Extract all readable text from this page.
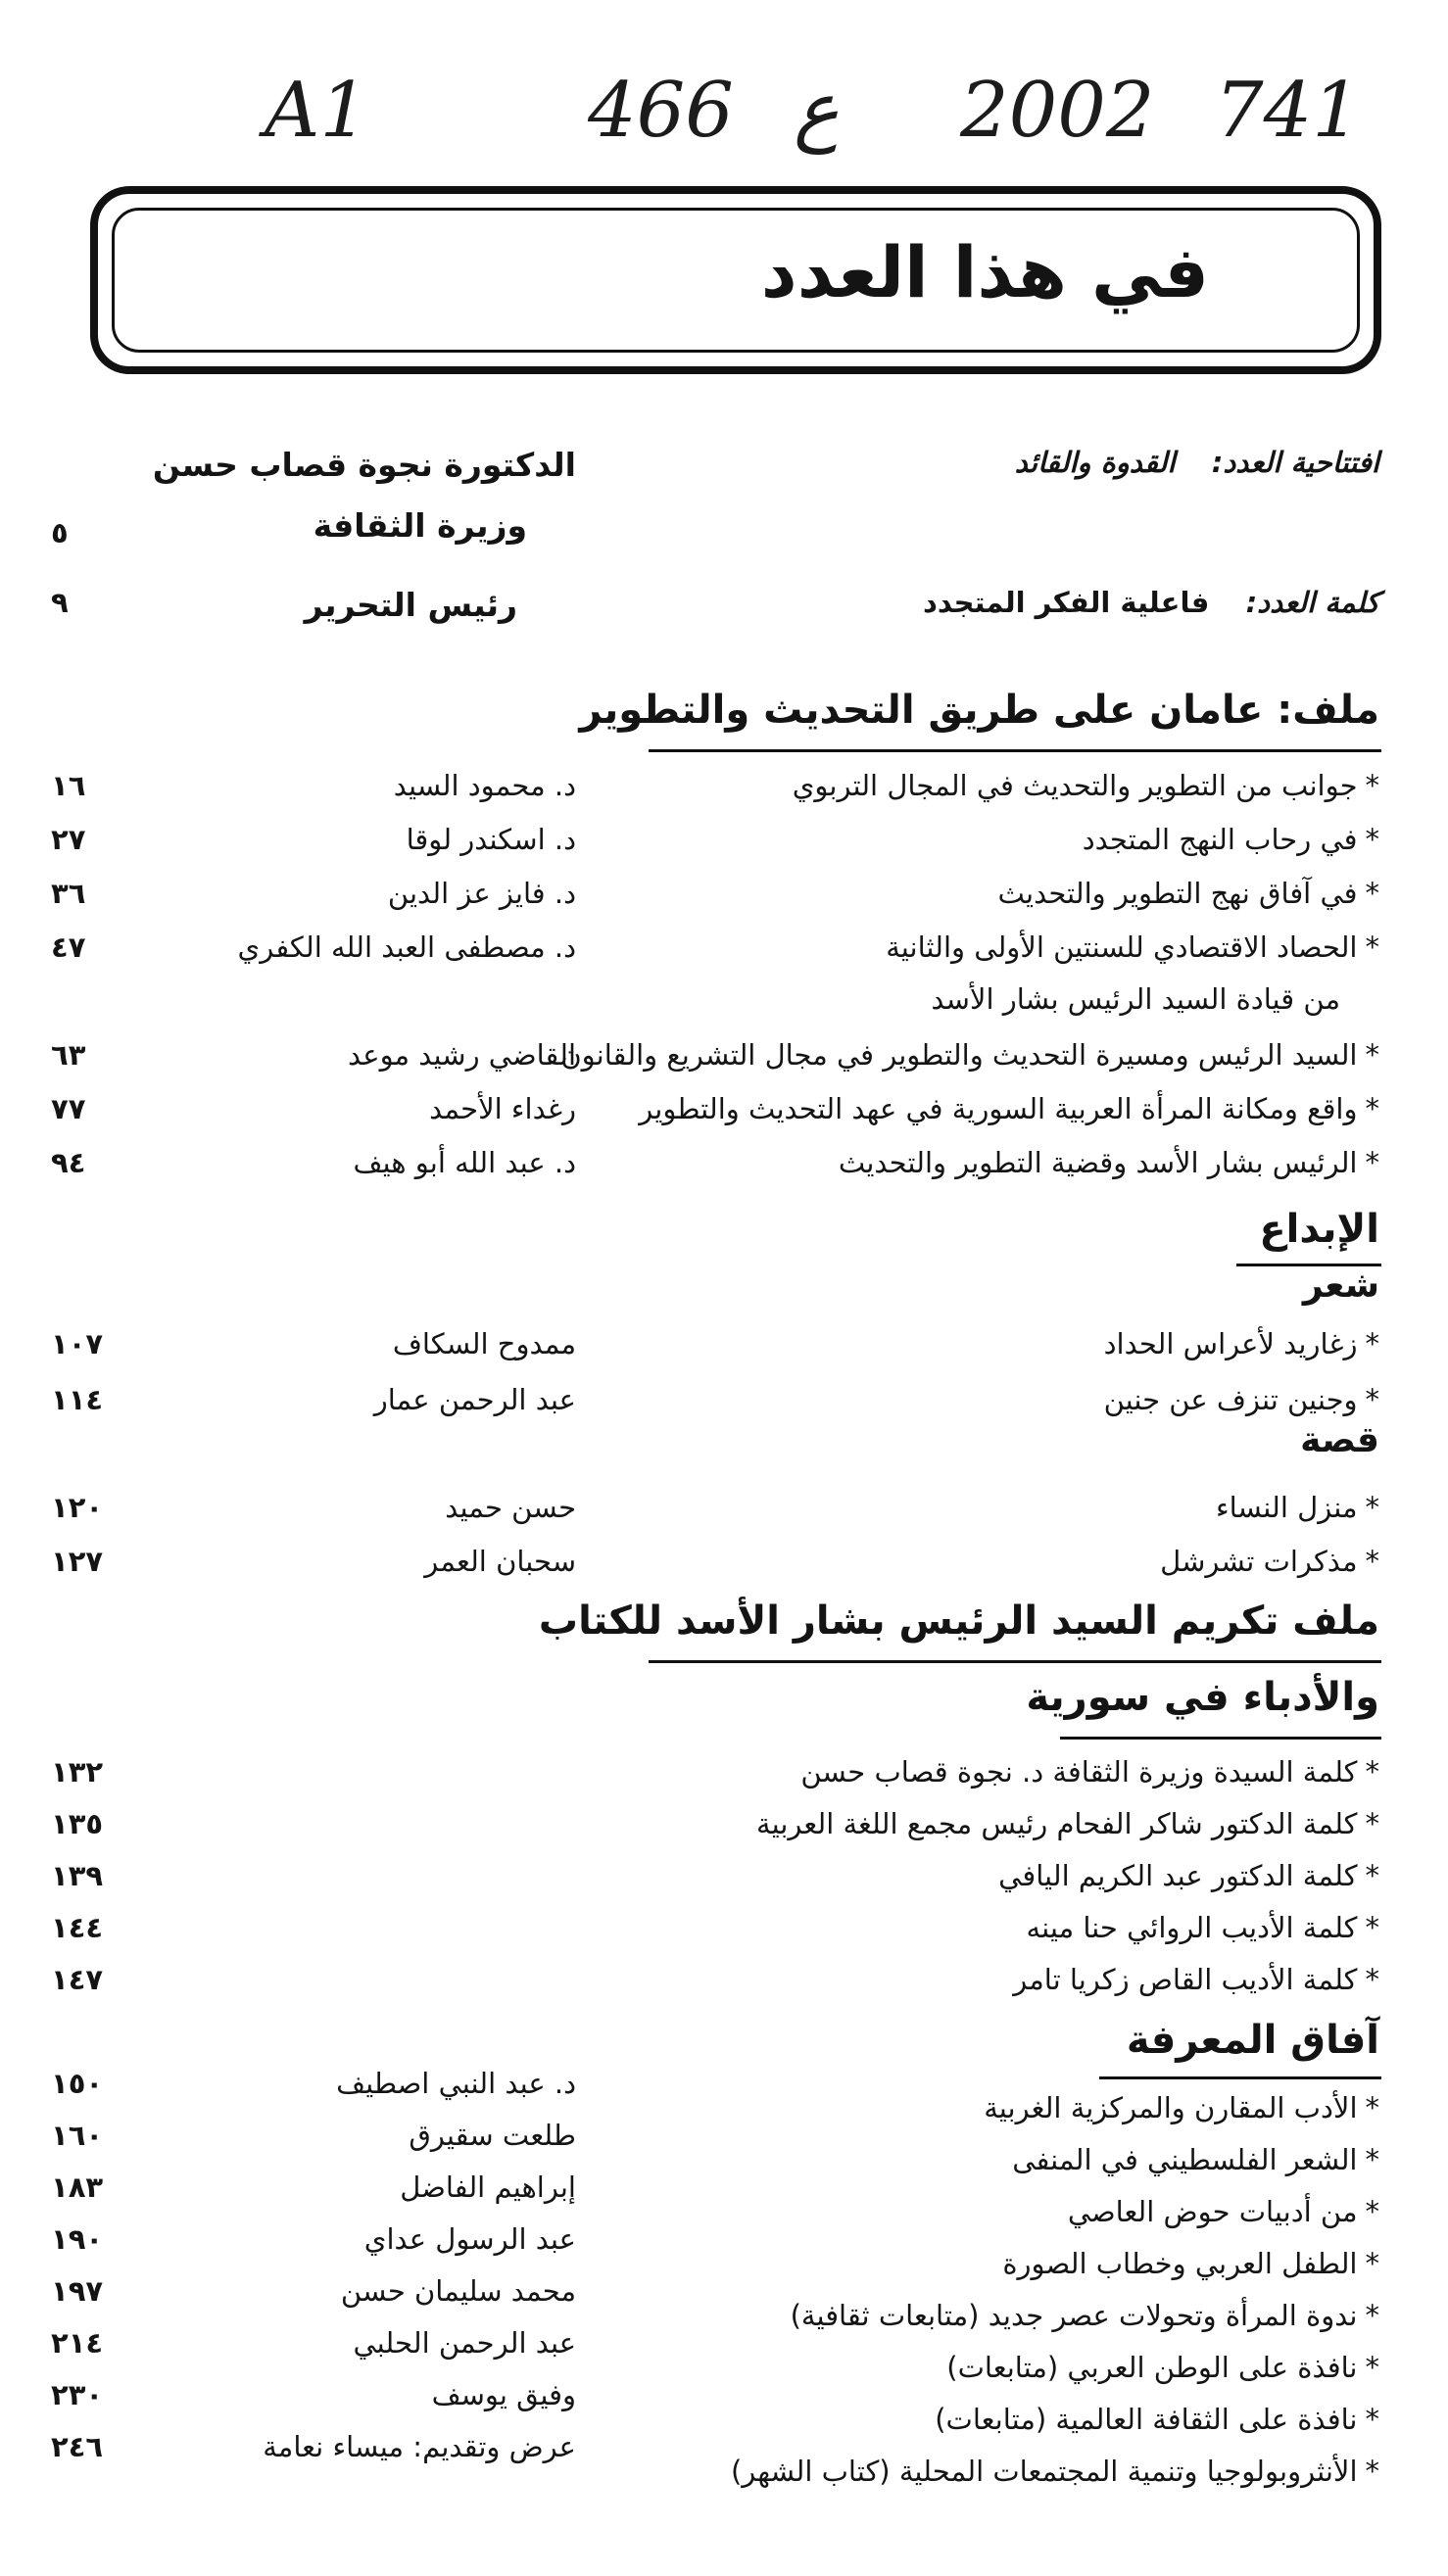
A1	466 ع 2002 741
في هذا العدد
افتتاحية العدد: القدوة والقائد
الدكتورة نجوة قصاب حسن
وزيرة الثقافة
٥
كلمة العدد: فاعلية الفكر المتجدد
رئيس التحرير
٩
ملف: عامان على طريق التحديث والتطوير
*جوانب من التطوير والتحديث في المجال التربوي
د. محمود السيد
١٦
*في رحاب النهج المتجدد
د. اسكندر لوقا
٢٧
*في آفاق نهج التطوير والتحديث
د. فايز عز الدين
٣٦
*الحصاد الاقتصادي للسنتين الأولى والثانية
من قيادة السيد الرئيس بشار الأسد
د. مصطفى العبد الله الكفري
٤٧
*السيد الرئيس ومسيرة التحديث والتطوير في مجال التشريع والقانون
القاضي رشيد موعد
٦٣
*واقع ومكانة المرأة العربية السورية في عهد التحديث والتطوير
رغداء الأحمد
٧٧
*الرئيس بشار الأسد وقضية التطوير والتحديث
د. عبد الله أبو هيف
٩٤
الإبداع
شعر
*زغاريد لأعراس الحداد
ممدوح السكاف
١٠٧
*وجنين تنزف عن جنين
عبد الرحمن عمار
١١٤
قصة
*منزل النساء
حسن حميد
١٢٠
*مذكرات تشرشل
سحبان العمر
١٢٧
ملف تكريم السيد الرئيس بشار الأسد للكتاب
والأدباء في سورية
*كلمة السيدة وزيرة الثقافة د. نجوة قصاب حسن
١٣٢
*كلمة الدكتور شاكر الفحام رئيس مجمع اللغة العربية
١٣٥
*كلمة الدكتور عبد الكريم اليافي
١٣٩
*كلمة الأديب الروائي حنا مينه
١٤٤
*كلمة الأديب القاص زكريا تامر
١٤٧
آفاق المعرفة
*الأدب المقارن والمركزية الغربية
د. عبد النبي اصطيف
١٥٠
*الشعر الفلسطيني في المنفى
طلعت سقيرق
١٦٠
*من أدبيات حوض العاصي
إبراهيم الفاضل
١٨٣
*الطفل العربي وخطاب الصورة
عبد الرسول عداي
١٩٠
*ندوة المرأة وتحولات عصر جديد (متابعات ثقافية)
محمد سليمان حسن
١٩٧
*نافذة على الوطن العربي (متابعات)
عبد الرحمن الحلبي
٢١٤
*نافذة على الثقافة العالمية (متابعات)
وفيق يوسف
٢٣٠
*الأنثروبولوجيا وتنمية المجتمعات المحلية (كتاب الشهر)
عرض وتقديم: ميساء نعامة
٢٤٦
